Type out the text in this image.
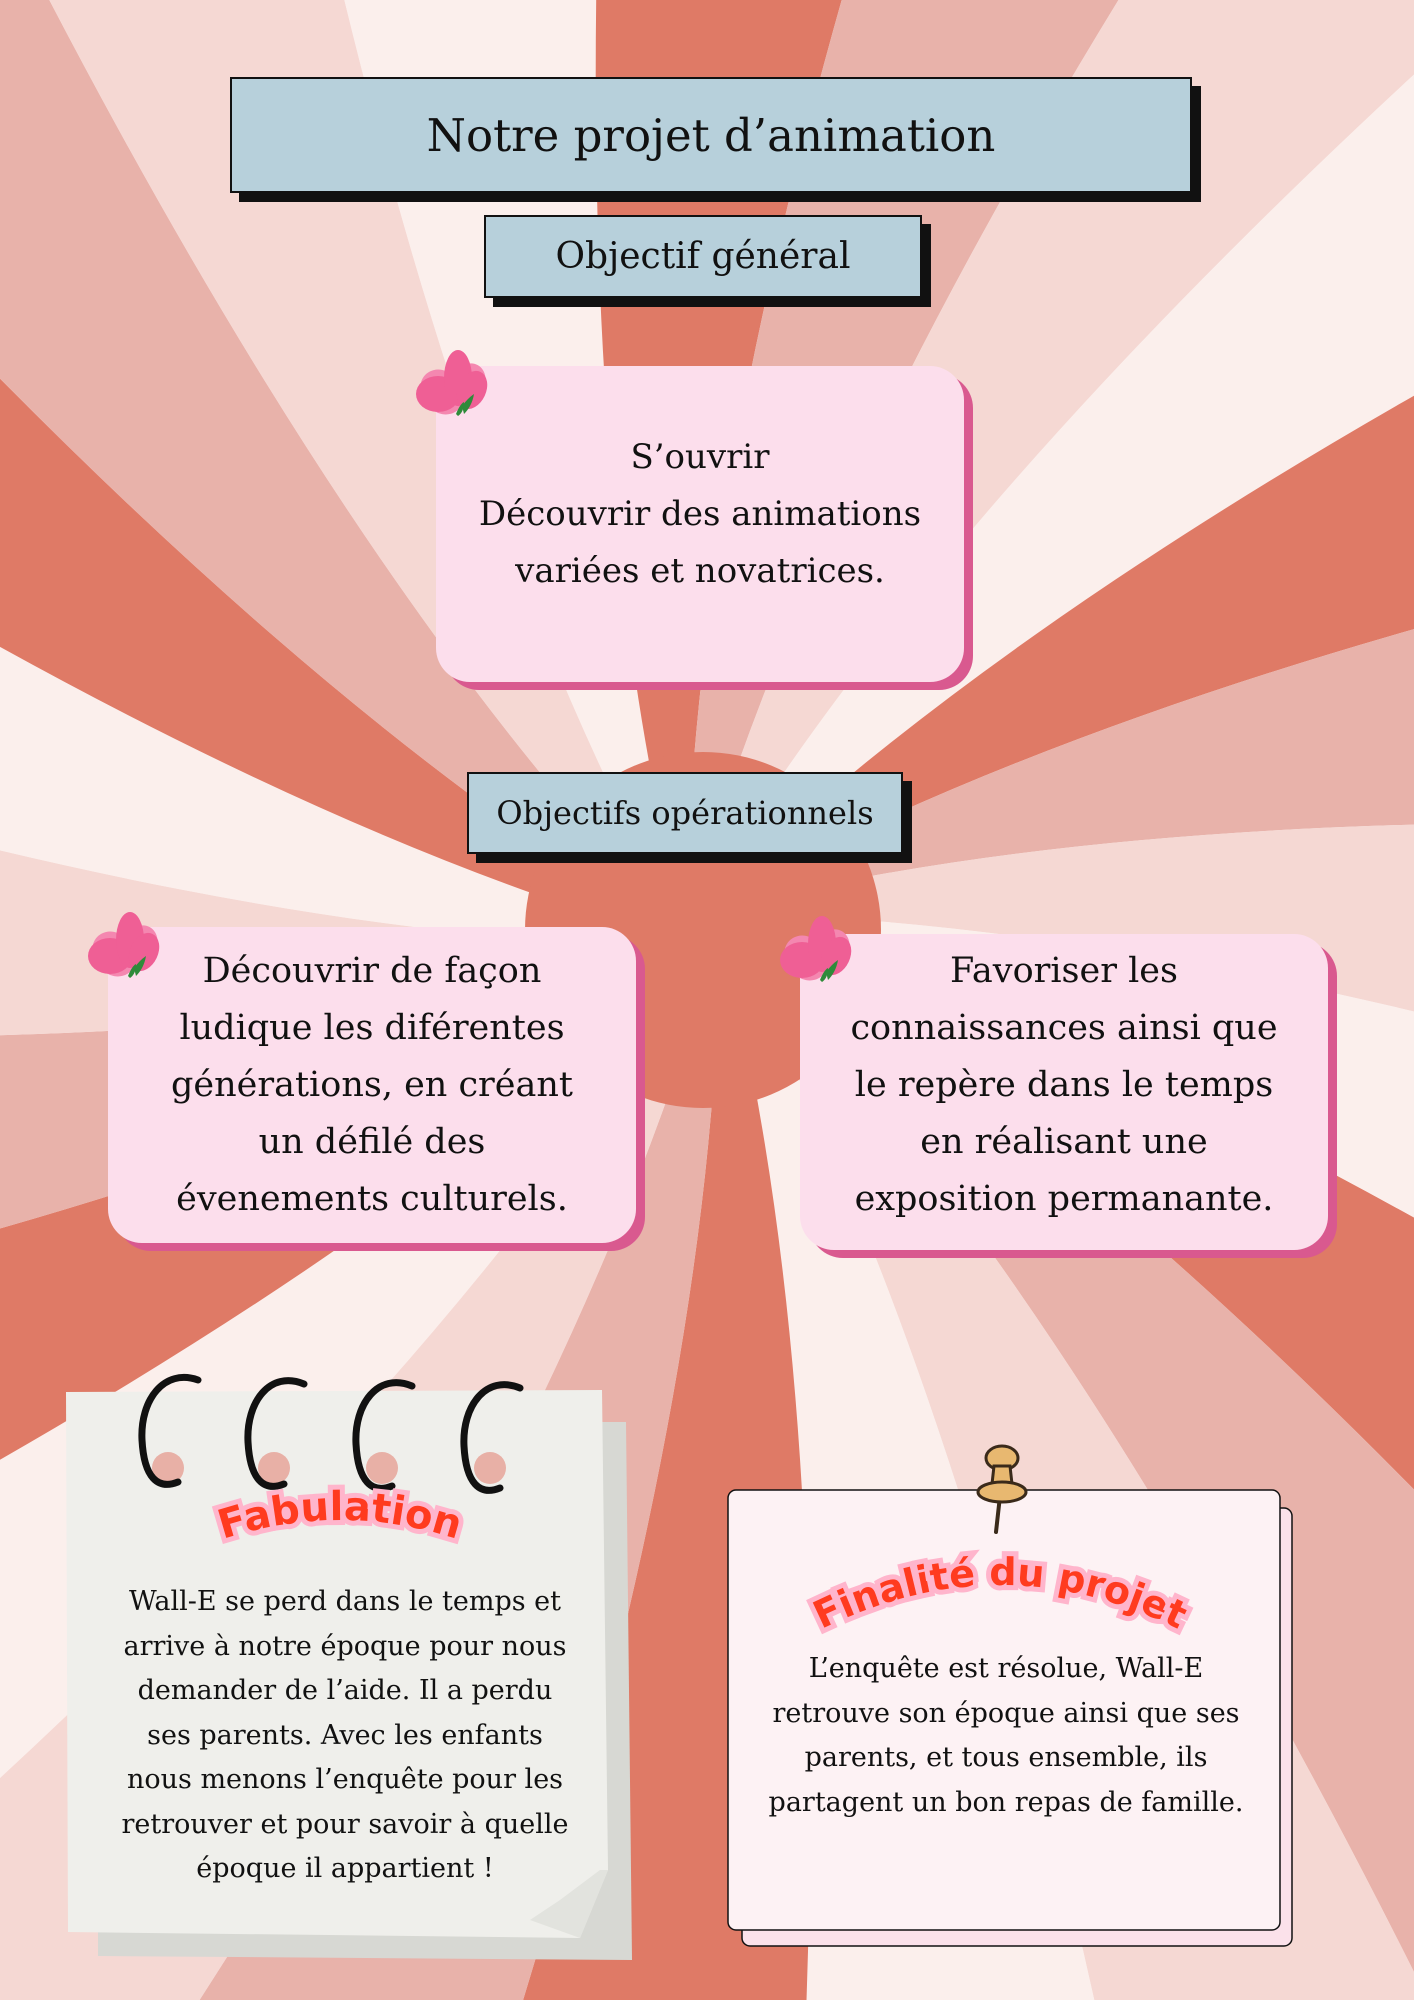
Notre projet d’animation
Objectif général
S’ouvrir
Découvrir des animations
variées et novatrices.
Objectifs opérationnels
Découvrir de façon
ludique les diférentes
générations, en créant
un défilé des
évenements culturels.
Favoriser les
connaissances ainsi que
le repère dans le temps
en réalisant une
exposition permanante.
Fabulation
Wall-E se perd dans le temps et
arrive à notre époque pour nous
demander de l’aide. Il a perdu
ses parents. Avec les enfants
nous menons l’enquête pour les
retrouver et pour savoir à quelle
époque il appartient !
Finalité du projet
L’enquête est résolue, Wall-E
retrouve son époque ainsi que ses
parents, et tous ensemble, ils
partagent un bon repas de famille.
